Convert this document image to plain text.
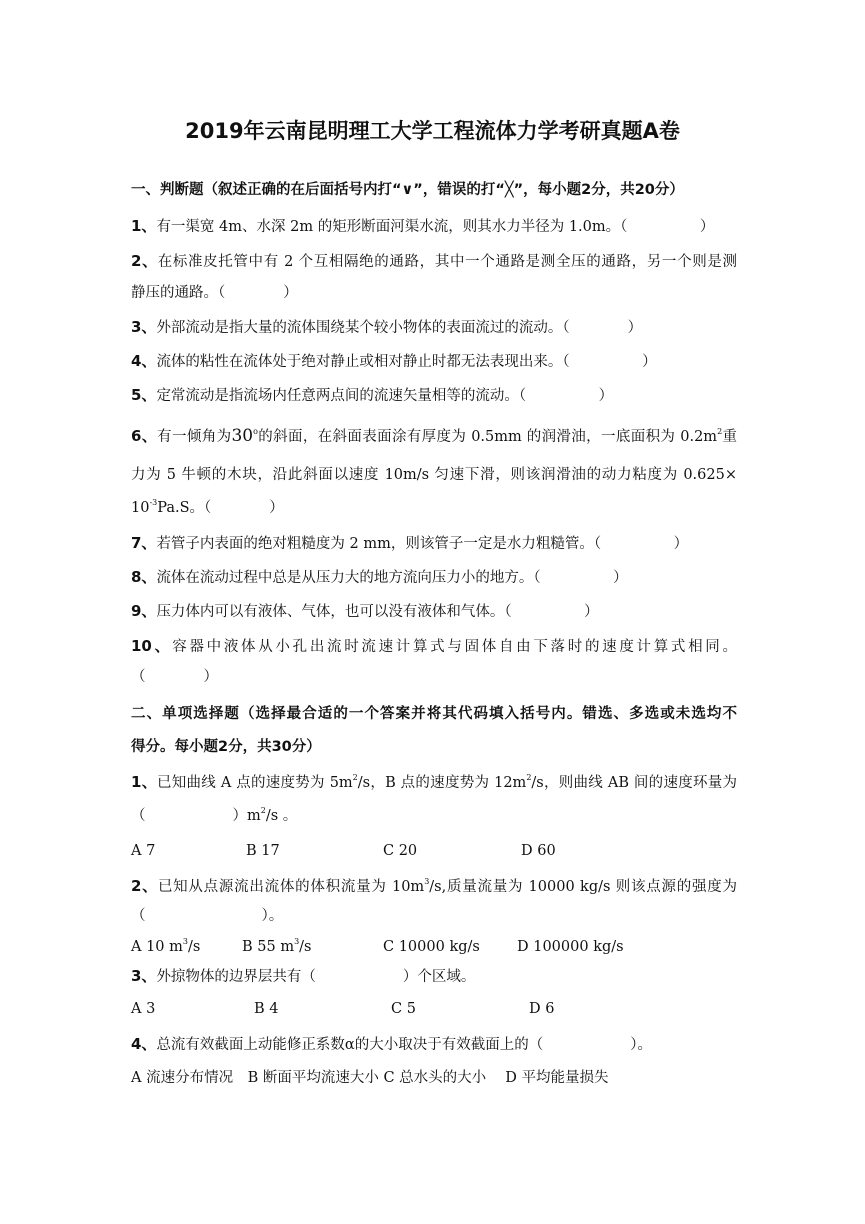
2019年云南昆明理工大学工程流体力学考研真题A卷
一、判断题（叙述正确的在后面括号内打“∨”，错误的打“╳”，每小题2分，共20分）
1、有一渠宽 4m、水深 2m 的矩形断面河渠水流，则其水力半径为 1.0m。（　　　　　）
2、在标准皮托管中有 2 个互相隔绝的通路，其中一个通路是测全压的通路，另一个则是测
静压的通路。（　　　　）
3、外部流动是指大量的流体围绕某个较小物体的表面流过的流动。（　　　　）
4、流体的粘性在流体处于绝对静止或相对静止时都无法表现出来。（　　　　　）
5、定常流动是指流场内任意两点间的流速矢量相等的流动。（　　　　　）
6、有一倾角为30$^o$的斜面，在斜面表面涂有厚度为 0.5mm 的润滑油，一底面积为 $0.2m^2$重
力为 5 牛顿的木块，沿此斜面以速度 10m/s 匀速下滑，则该润滑油的动力粘度为 0.625×
$10^{-3}Pa.S$。（　　　　）
7、若管子内表面的绝对粗糙度为 2 mm，则该管子一定是水力粗糙管。（　　　　　）
8、流体在流动过程中总是从压力大的地方流向压力小的地方。（　　　　　）
9、压力体内可以有液体、气体，也可以没有液体和气体。（　　　　　）
10、容器中液体从小孔出流时流速计算式与固体自由下落时的速度计算式相同。
（　　　　）
二、单项选择题（选择最合适的一个答案并将其代码填入括号内。错选、多选或未选均不
得分。每小题2分，共30分）
1、已知曲线 A 点的速度势为 $5m^2/s$，B 点的速度势为 $12m^2/s$，则曲线 AB 间的速度环量为
（　　　　　　）$m^2/s$ 。
A 7	B 17	C 20	D 60
2、已知从点源流出流体的体积流量为 $10m^3/s$,质量流量为 10000 kg/s 则该点源的强度为
（　　　　　　　　）。
A 10 $m^3/s$	B 55 $m^3/s$	C 10000 kg/s	D 100000 kg/s
3、外掠物体的边界层共有（　　　　　　）个区域。
A 3	B 4	C 5	D 6
4、总流有效截面上动能修正系数α的大小取决于有效截面上的（　　　　　　）。
A 流速分布情况　B 断面平均流速大小 C 总水头的大小　 D 平均能量损失
